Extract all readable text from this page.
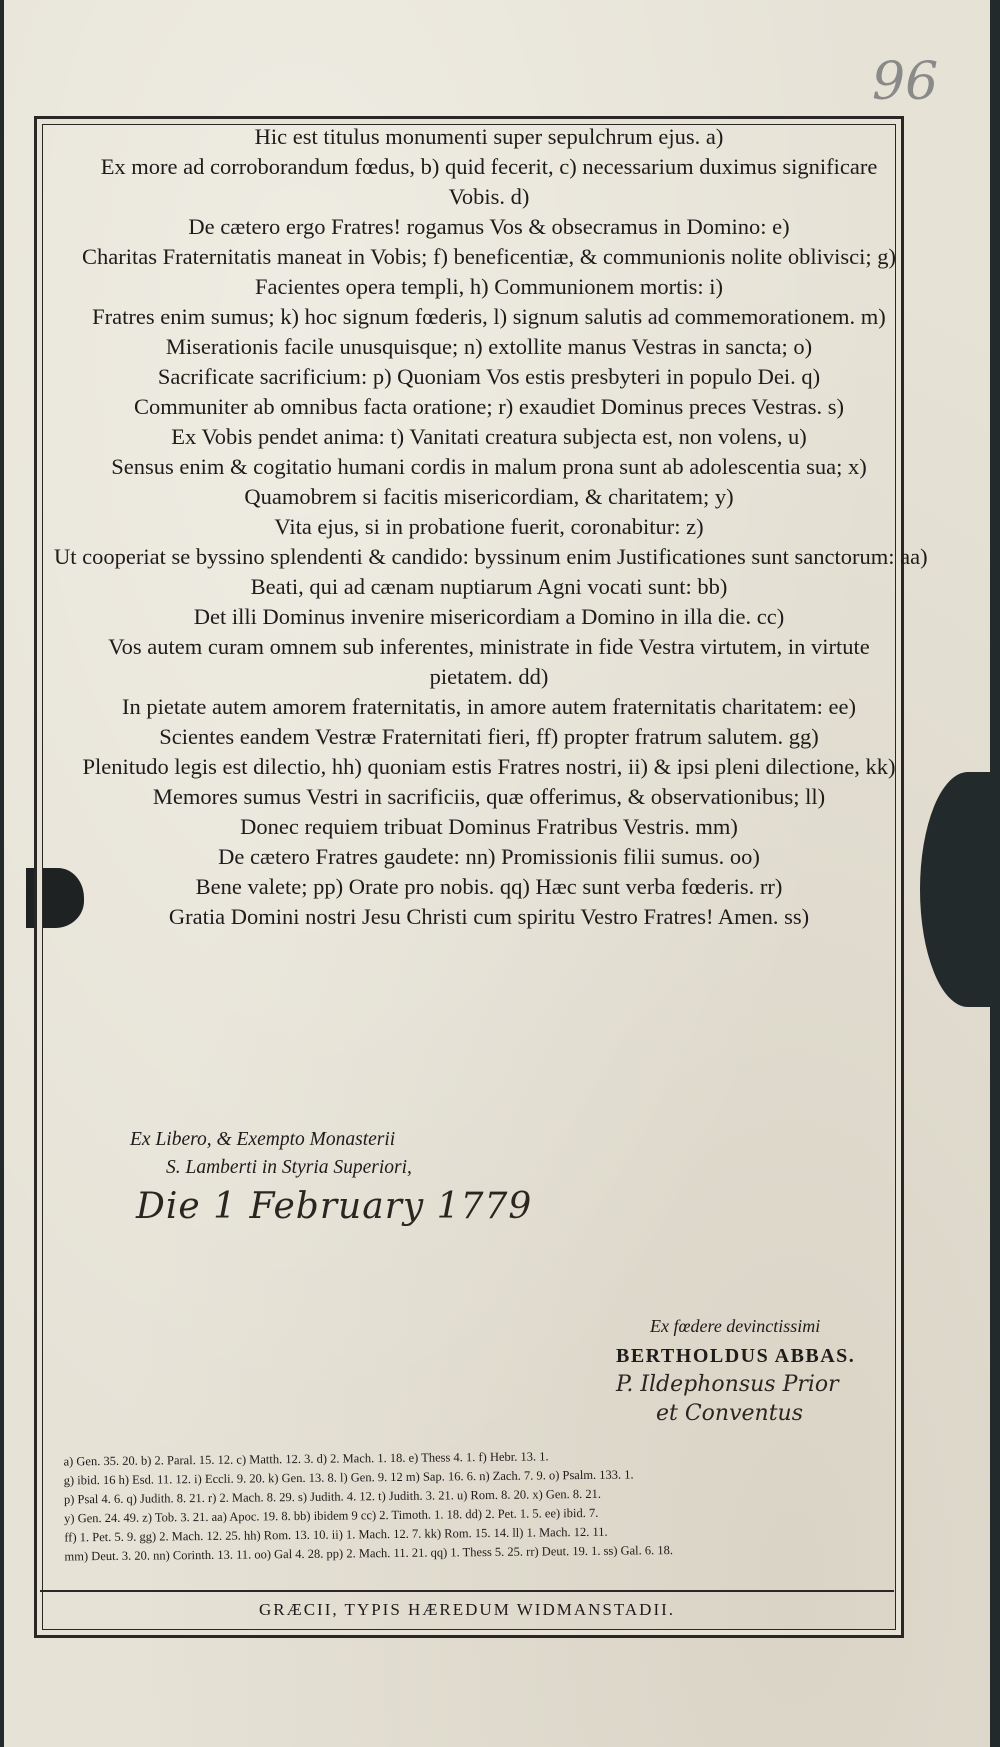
96
Hic est titulus monumenti super sepulchrum ejus. a)
Ex more ad corroborandum fœdus, b) quid fecerit, c) necessarium duximus significare
Vobis. d)
De cætero ergo Fratres! rogamus Vos & obsecramus in Domino: e)
Charitas Fraternitatis maneat in Vobis; f) beneficentiæ, & communionis nolite oblivisci; g)
Facientes opera templi, h) Communionem mortis: i)
Fratres enim sumus; k) hoc signum fœderis, l) signum salutis ad commemorationem. m)
Miserationis facile unusquisque; n) extollite manus Vestras in sancta; o)
Sacrificate sacrificium: p) Quoniam Vos estis presbyteri in populo Dei. q)
Communiter ab omnibus facta oratione; r) exaudiet Dominus preces Vestras. s)
Ex Vobis pendet anima: t) Vanitati creatura subjecta est, non volens, u)
Sensus enim & cogitatio humani cordis in malum prona sunt ab adolescentia sua; x)
Quamobrem si facitis misericordiam, & charitatem; y)
Vita ejus, si in probatione fuerit, coronabitur: z)
Ut cooperiat se byssino splendenti & candido: byssinum enim Justificationes sunt sanctorum: aa)
Beati, qui ad cænam nuptiarum Agni vocati sunt: bb)
Det illi Dominus invenire misericordiam a Domino in illa die. cc)
Vos autem curam omnem sub inferentes, ministrate in fide Vestra virtutem, in virtute
pietatem. dd)
In pietate autem amorem fraternitatis, in amore autem fraternitatis charitatem: ee)
Scientes eandem Vestræ Fraternitati fieri, ff) propter fratrum salutem. gg)
Plenitudo legis est dilectio, hh) quoniam estis Fratres nostri, ii) & ipsi pleni dilectione, kk)
Memores sumus Vestri in sacrificiis, quæ offerimus, & observationibus; ll)
Donec requiem tribuat Dominus Fratribus Vestris. mm)
De cætero Fratres gaudete: nn) Promissionis filii sumus. oo)
Bene valete; pp) Orate pro nobis. qq) Hæc sunt verba fœderis. rr)
Gratia Domini nostri Jesu Christi cum spiritu Vestro Fratres! Amen. ss)
Ex Libero, & Exempto Monasterii
S. Lamberti in Styria Superiori,
Die 1 February 1779
Ex fœdere devinctissimi
BERTHOLDUS ABBAS.
P. Ildephonsus Prior
et Conventus
a) Gen. 35. 20. b) 2. Paral. 15. 12. c) Matth. 12. 3. d) 2. Mach. 1. 18. e) Thess 4. 1. f) Hebr. 13. 1.
g) ibid. 16 h) Esd. 11. 12. i) Eccli. 9. 20. k) Gen. 13. 8. l) Gen. 9. 12 m) Sap. 16. 6. n) Zach. 7. 9. o) Psalm. 133. 1.
p) Psal 4. 6. q) Judith. 8. 21. r) 2. Mach. 8. 29. s) Judith. 4. 12. t) Judith. 3. 21. u) Rom. 8. 20. x) Gen. 8. 21.
y) Gen. 24. 49. z) Tob. 3. 21. aa) Apoc. 19. 8. bb) ibidem 9 cc) 2. Timoth. 1. 18. dd) 2. Pet. 1. 5. ee) ibid. 7.
ff) 1. Pet. 5. 9. gg) 2. Mach. 12. 25. hh) Rom. 13. 10. ii) 1. Mach. 12. 7. kk) Rom. 15. 14. ll) 1. Mach. 12. 11.
mm) Deut. 3. 20. nn) Corinth. 13. 11. oo) Gal 4. 28. pp) 2. Mach. 11. 21. qq) 1. Thess 5. 25. rr) Deut. 19. 1. ss) Gal. 6. 18.
GRÆCII, TYPIS HÆREDUM WIDMANSTADII.
